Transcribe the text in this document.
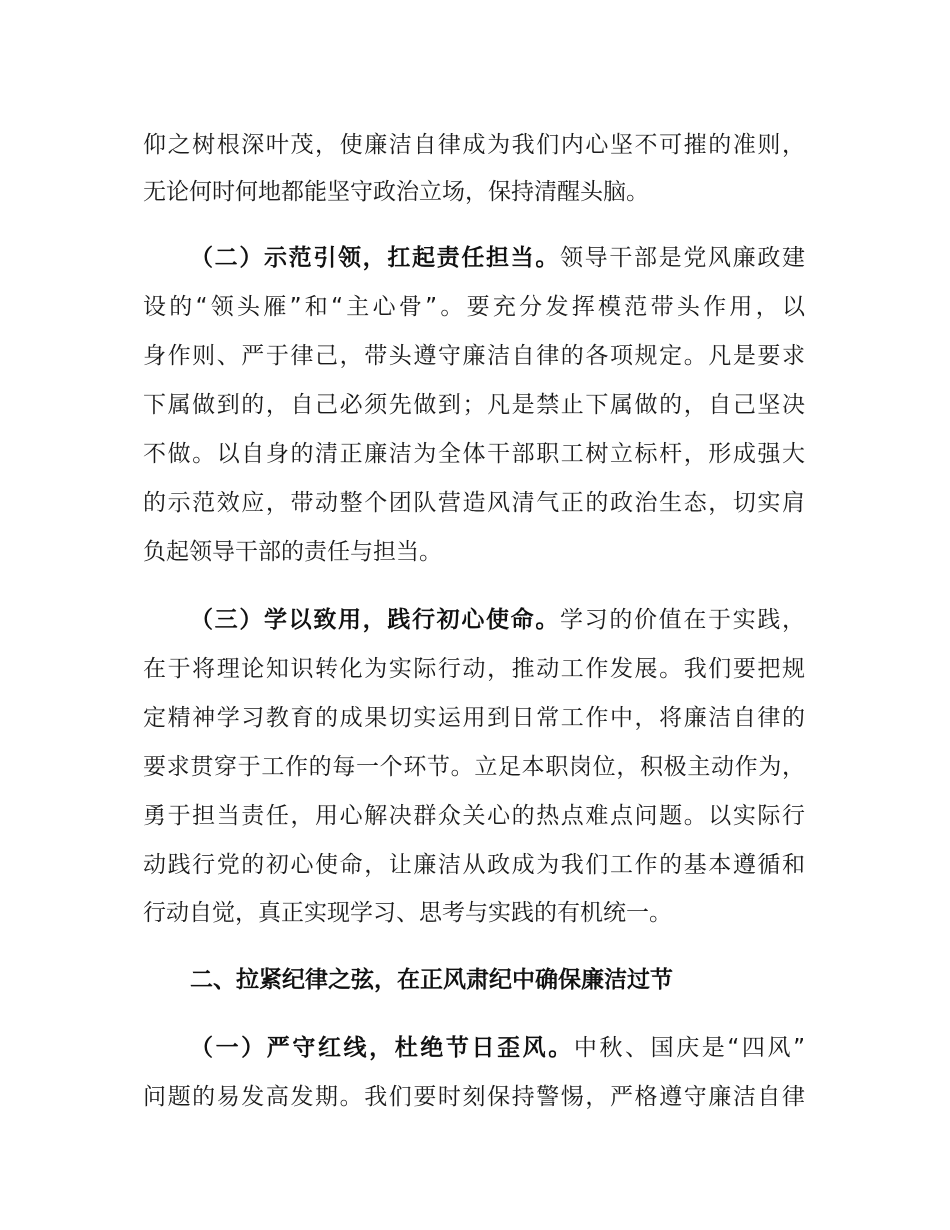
仰之树根深叶茂，使廉洁自律成为我们内心坚不可摧的准则，
无论何时何地都能坚守政治立场，保持清醒头脑。
（二）示范引领，扛起责任担当。领导干部是党风廉政建
设的“领头雁”和“主心骨”。要充分发挥模范带头作用，以
身作则、严于律己，带头遵守廉洁自律的各项规定。凡是要求
下属做到的，自己必须先做到；凡是禁止下属做的，自己坚决
不做。以自身的清正廉洁为全体干部职工树立标杆，形成强大
的示范效应，带动整个团队营造风清气正的政治生态，切实肩
负起领导干部的责任与担当。
（三）学以致用，践行初心使命。学习的价值在于实践，
在于将理论知识转化为实际行动，推动工作发展。我们要把规
定精神学习教育的成果切实运用到日常工作中，将廉洁自律的
要求贯穿于工作的每一个环节。立足本职岗位，积极主动作为，
勇于担当责任，用心解决群众关心的热点难点问题。以实际行
动践行党的初心使命，让廉洁从政成为我们工作的基本遵循和
行动自觉，真正实现学习、思考与实践的有机统一。
二、拉紧纪律之弦，在正风肃纪中确保廉洁过节
（一）严守红线，杜绝节日歪风。中秋、国庆是“四风”
问题的易发高发期。我们要时刻保持警惕，严格遵守廉洁自律
